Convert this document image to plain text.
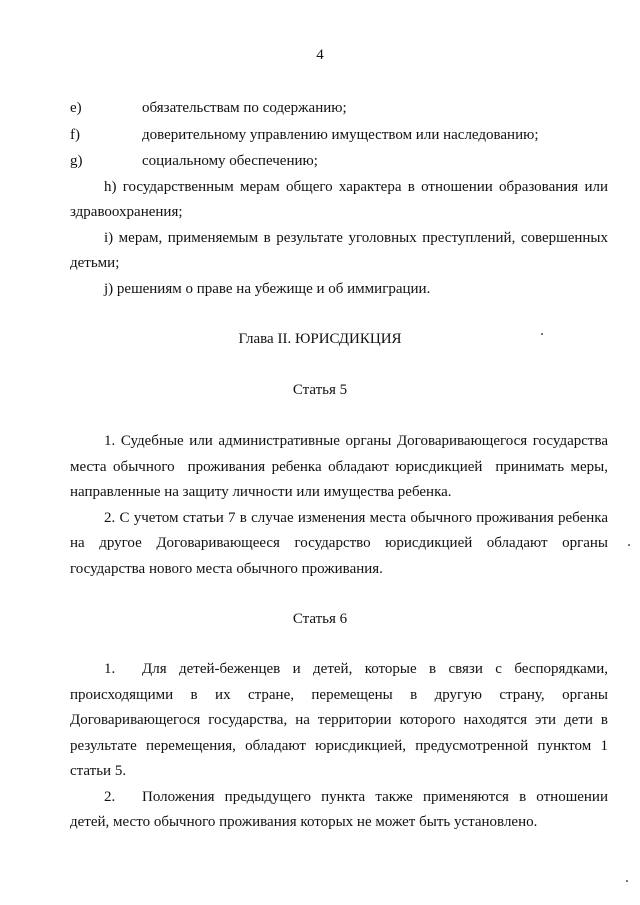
4
e)	обязательствам по содержанию;
f)	доверительному управлению имуществом или наследованию;
g)	социальному обеспечению;
h) государственным мерам общего характера в отношении образования или
здравоохранения;
i) мерам, применяемым в результате уголовных преступлений, совершенных
детьми;
j) решениям о праве на убежище и об иммиграции.
Глава II. ЮРИСДИКЦИЯ
Статья 5
1. Судебные или административные органы Договаривающегося государства
места обычного  проживания ребенка обладают юрисдикцией  принимать меры,
направленные на защиту личности или имущества ребенка.
2. С учетом статьи 7 в случае изменения места обычного проживания ребенка
на другое Договаривающееся государство юрисдикцией обладают органы
государства нового места обычного проживания.
Статья 6
1. Для детей-беженцев и детей, которые в связи с беспорядками,
происходящими в их стране, перемещены в другую страну, органы
Договаривающегося государства, на территории которого находятся эти дети в
результате перемещения, обладают юрисдикцией, предусмотренной пунктом 1
статьи 5.
2. Положения предыдущего пункта также применяются в отношении
детей, место обычного проживания которых не может быть установлено.
